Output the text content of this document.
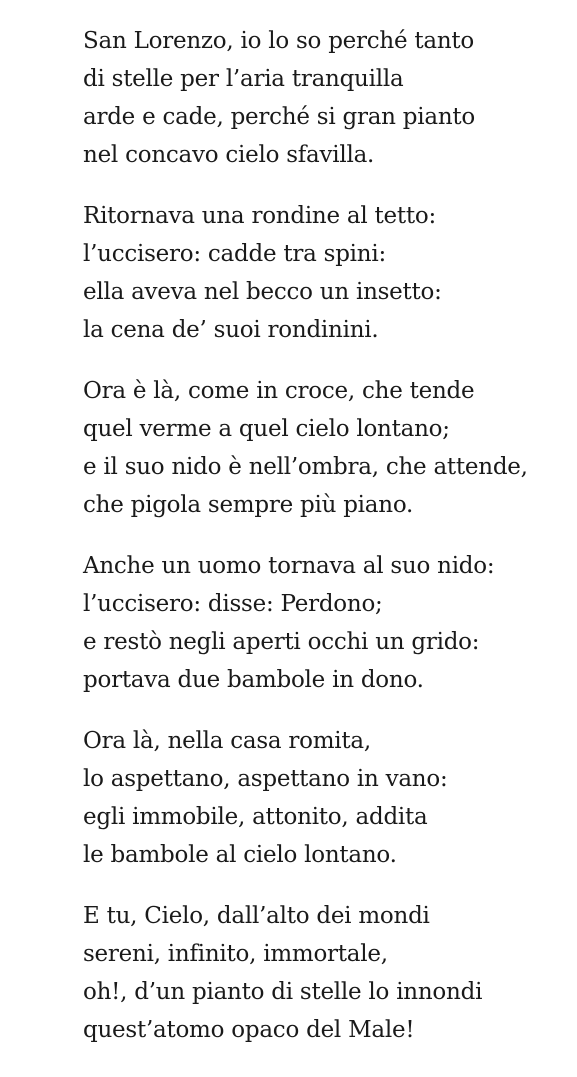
San Lorenzo, io lo so perché tanto
di stelle per l’aria tranquilla
arde e cade, perché si gran pianto
nel concavo cielo sfavilla.
Ritornava una rondine al tetto:
l’uccisero: cadde tra spini:
ella aveva nel becco un insetto:
la cena de’ suoi rondinini.
Ora è là, come in croce, che tende
quel verme a quel cielo lontano;
e il suo nido è nell’ombra, che attende,
che pigola sempre più piano.
Anche un uomo tornava al suo nido:
l’uccisero: disse: Perdono;
e restò negli aperti occhi un grido:
portava due bambole in dono.
Ora là, nella casa romita,
lo aspettano, aspettano in vano:
egli immobile, attonito, addita
le bambole al cielo lontano.
E tu, Cielo, dall’alto dei mondi
sereni, infinito, immortale,
oh!, d’un pianto di stelle lo innondi
quest’atomo opaco del Male!
